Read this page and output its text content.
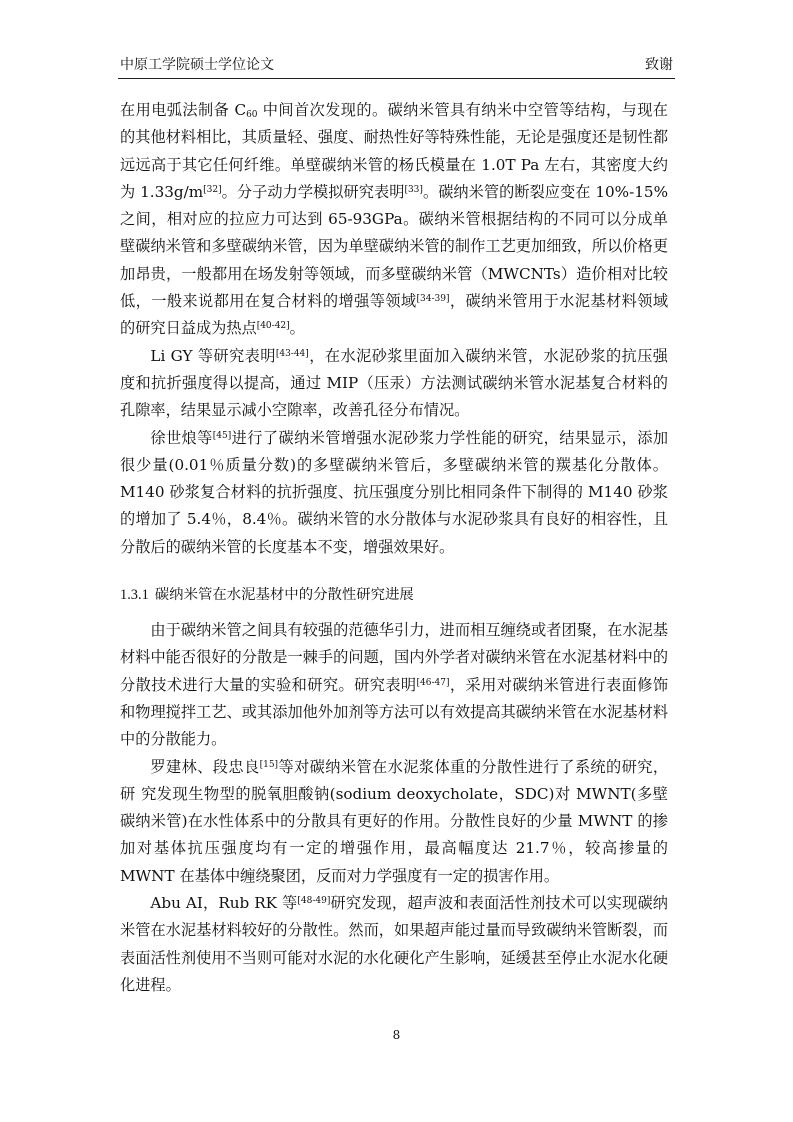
中原工学院硕士学位论文	致谢

在用电弧法制备 $C_{60}$ 中间首次发现的。碳纳米管具有纳米中空管等结构，与现在的其他材料相比，其质量轻、强度、耐热性好等特殊性能，无论是强度还是韧性都远远高于其它任何纤维。单壁碳纳米管的杨氏模量在 1.0T Pa 左右，其密度大约为 1.33g/m[32]。分子动力学模拟研究表明[33]。碳纳米管的断裂应变在 10%-15%之间，相对应的拉应力可达到 65-93GPa。碳纳米管根据结构的不同可以分成单壁碳纳米管和多壁碳纳米管，因为单壁碳纳米管的制作工艺更加细致，所以价格更加昂贵，一般都用在场发射等领域，而多壁碳纳米管（MWCNTs）造价相对比较低，一般来说都用在复合材料的增强等领域[34-39]，碳纳米管用于水泥基材料领域的研究日益成为热点[40-42]。

Li GY 等研究表明[43-44]，在水泥砂浆里面加入碳纳米管，水泥砂浆的抗压强度和抗折强度得以提高，通过 MIP（压汞）方法测试碳纳米管水泥基复合材料的孔隙率，结果显示减小空隙率，改善孔径分布情况。

徐世烺等[45]进行了碳纳米管增强水泥砂浆力学性能的研究，结果显示，添加很少量(0.01％质量分数)的多壁碳纳米管后，多壁碳纳米管的羰基化分散体。M140 砂浆复合材料的抗折强度、抗压强度分别比相同条件下制得的 M140 砂浆的增加了 5.4％，8.4％。碳纳米管的水分散体与水泥砂浆具有良好的相容性，且分散后的碳纳米管的长度基本不变，增强效果好。

1.3.1 碳纳米管在水泥基材中的分散性研究进展

由于碳纳米管之间具有较强的范德华引力，进而相互缠绕或者团聚，在水泥基材料中能否很好的分散是一棘手的问题，国内外学者对碳纳米管在水泥基材料中的分散技术进行大量的实验和研究。研究表明[46-47]，采用对碳纳米管进行表面修饰和物理搅拌工艺、或其添加他外加剂等方法可以有效提高其碳纳米管在水泥基材料中的分散能力。

罗建林、段忠良[15]等对碳纳米管在水泥浆体重的分散性进行了系统的研究，研 究发现生物型的脱氧胆酸钠(sodium deoxycholate，SDC)对 MWNT(多壁碳纳米管)在水性体系中的分散具有更好的作用。分散性良好的少量 MWNT 的掺加对基体抗压强度均有一定的增强作用，最高幅度达 21.7％，较高掺量的 MWNT 在基体中缠绕聚团，反而对力学强度有一定的损害作用。

Abu AI，Rub RK 等[48-49]研究发现，超声波和表面活性剂技术可以实现碳纳米管在水泥基材料较好的分散性。然而，如果超声能过量而导致碳纳米管断裂，而表面活性剂使用不当则可能对水泥的水化硬化产生影响，延缓甚至停止水泥水化硬化进程。

8
